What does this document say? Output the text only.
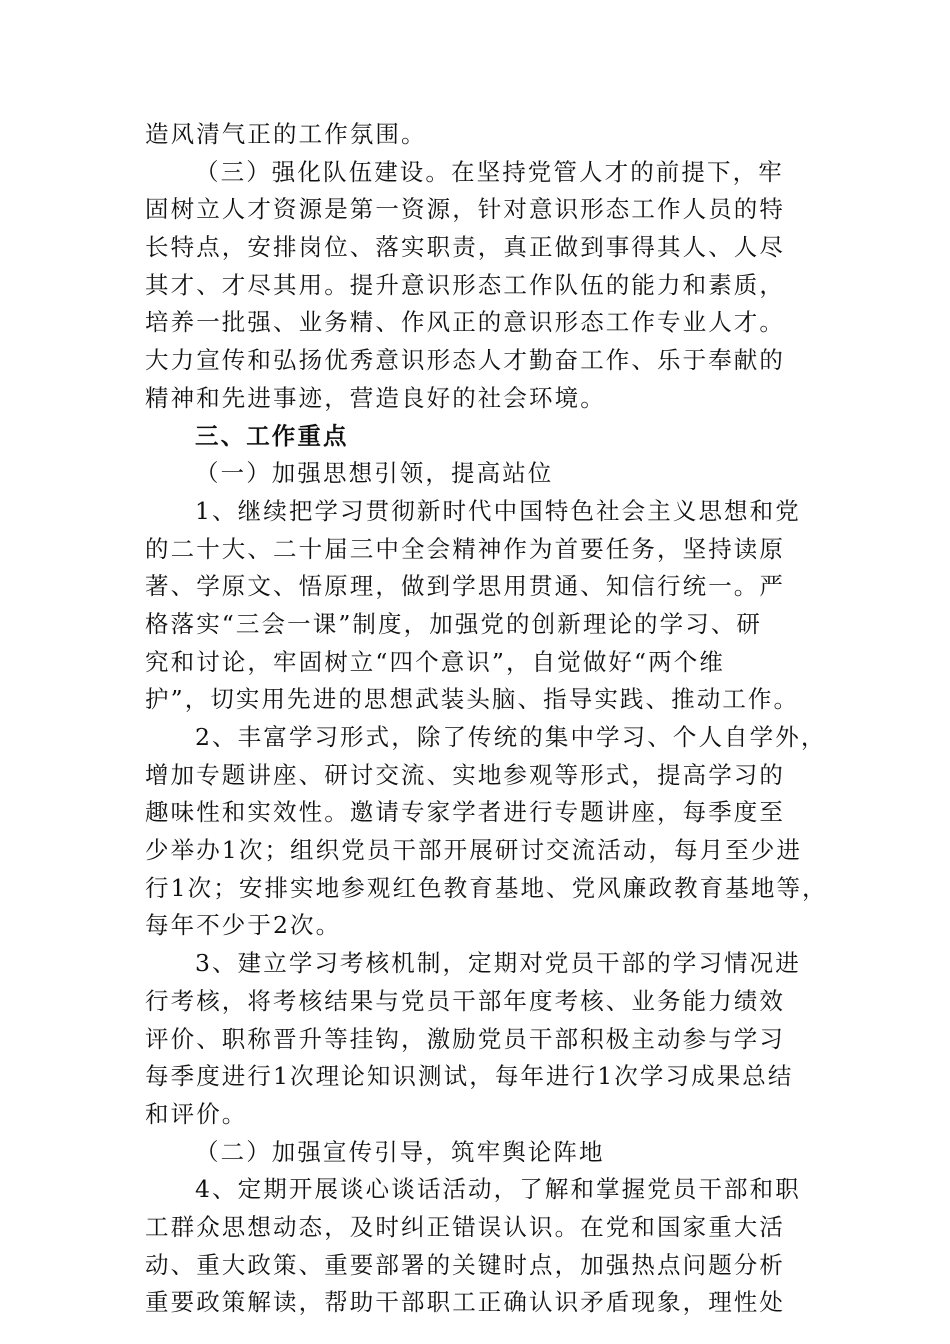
造风清气正的工作氛围。
（三）强化队伍建设。在坚持党管人才的前提下，牢
固树立人才资源是第一资源，针对意识形态工作人员的特
长特点，安排岗位、落实职责，真正做到事得其人、人尽
其才、才尽其用。提升意识形态工作队伍的能力和素质，
培养一批强、业务精、作风正的意识形态工作专业人才。
大力宣传和弘扬优秀意识形态人才勤奋工作、乐于奉献的
精神和先进事迹，营造良好的社会环境。
三、工作重点
（一）加强思想引领，提高站位
1、继续把学习贯彻新时代中国特色社会主义思想和党
的二十大、二十届三中全会精神作为首要任务，坚持读原
著、学原文、悟原理，做到学思用贯通、知信行统一。严
格落实“三会一课”制度，加强党的创新理论的学习、研
究和讨论，牢固树立“四个意识”，自觉做好“两个维
护”，切实用先进的思想武装头脑、指导实践、推动工作。
2、丰富学习形式，除了传统的集中学习、个人自学外，
增加专题讲座、研讨交流、实地参观等形式，提高学习的
趣味性和实效性。邀请专家学者进行专题讲座，每季度至
少举办1次；组织党员干部开展研讨交流活动，每月至少进
行1次；安排实地参观红色教育基地、党风廉政教育基地等，
每年不少于2次。
3、建立学习考核机制，定期对党员干部的学习情况进
行考核，将考核结果与党员干部年度考核、业务能力绩效
评价、职称晋升等挂钩，激励党员干部积极主动参与学习
每季度进行1次理论知识测试，每年进行1次学习成果总结
和评价。
（二）加强宣传引导，筑牢舆论阵地
4、定期开展谈心谈话活动，了解和掌握党员干部和职
工群众思想动态，及时纠正错误认识。在党和国家重大活
动、重大政策、重要部署的关键时点，加强热点问题分析
重要政策解读，帮助干部职工正确认识矛盾现象，理性处
